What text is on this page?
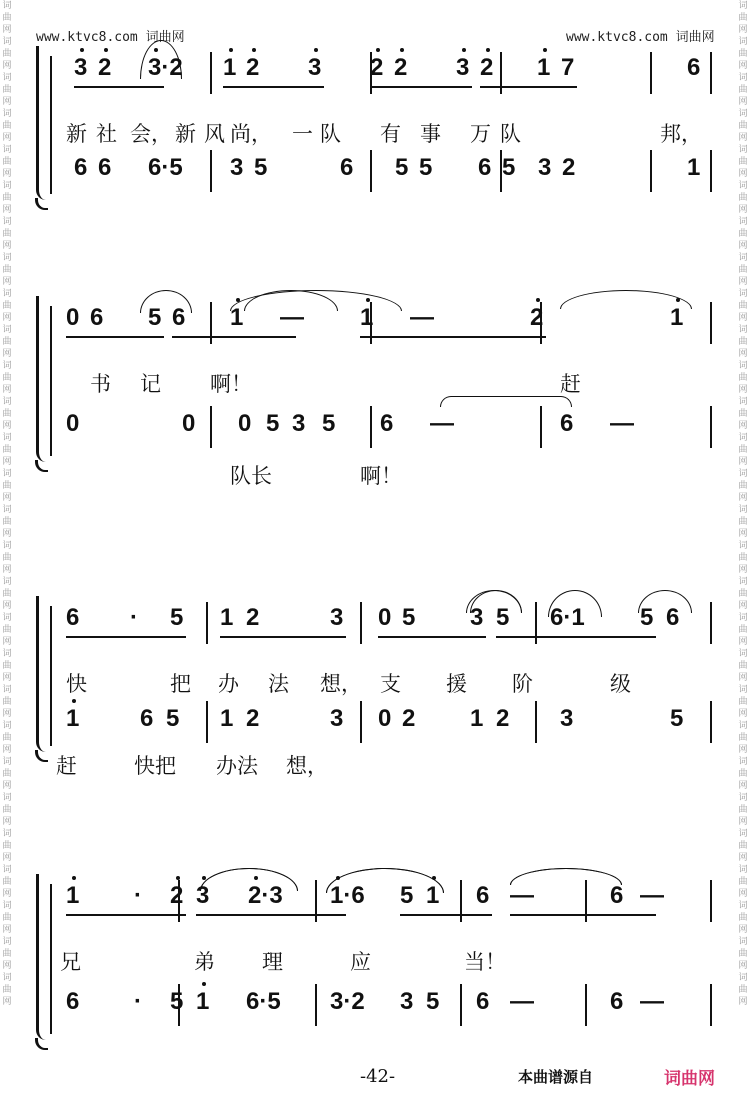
词
曲
网
词
曲
网
词
曲
网
词
曲
网
词
曲
网
词
曲
网
词
曲
网
词
曲
网
词
曲
网
词
曲
网
词
曲
网
词
曲
网
词
曲
网
词
曲
网
词
曲
网
词
曲
网
词
曲
网
词
曲
网
词
曲
网
词
曲
网
词
曲
网
词
曲
网
词
曲
网
词
曲
网
词
曲
网
词
曲
网
词
曲
网
词
曲
网
词
曲
网
词
曲
网
词
曲
网
词
曲
网
词
曲
网
词
曲
网
词
曲
网
词
曲
网
词
曲
网
词
曲
网
词
曲
网
词
曲
网
词
曲
网
词
曲
网
词
曲
网
词
曲
网
词
曲
网
词
曲
网
词
曲
网
词
曲
网
词
曲
网
词
曲
网
词
曲
网
词
曲
网
词
曲
网
词
曲
网
词
曲
网
词
曲
网
www.ktvc8.com 词曲网	www.ktvc8.com 词曲网
3 2 3·2 1 2 3 2 2 3 2 1 7	6
新 社 会， 新 风 尚， 一 队 有 事 万 队	邦，
6 6 6·5 3 5	6 5 5 6 5 3 2	1
0 6 5 6 1 — 1 —	2	1
书 记 啊！	赶
0	0 0 5 3 5 6 —	6 —
队长	啊！
6 · 5 1 2	3 0 5 3 5 6·1 5 6
快	把 办 法 想， 支 援 阶	级
1	6 5 1 2	3 0 2 1 2 3	5
赶	快把 办法 想，
1 · 2 3 2·3 1·6 5 1 6 —	6 —
兄	弟 理	应	当！
6 · 5 1 6·5 3·2 3 5 6 —	6 —
-42-	本曲谱源自	词曲网
